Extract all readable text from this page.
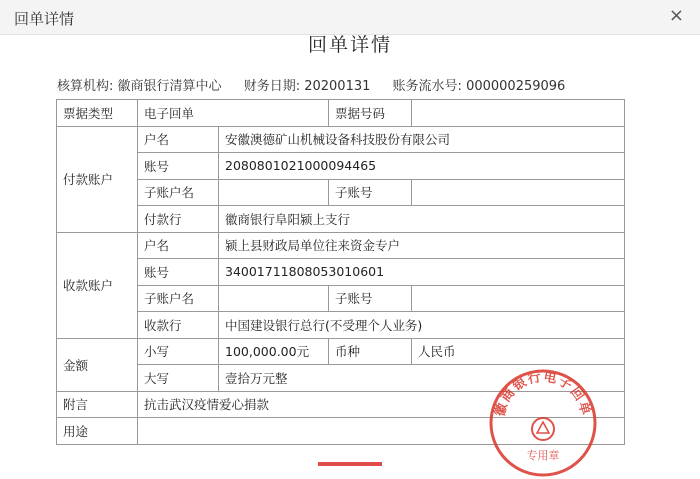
回单详情	×
回单详情
核算机构: 徽商银行清算中心 财务日期: 20200131 账务流水号: 000000259096
票据类型	电子回单		票据号码	
付款账户	户名	安徽澳德矿山机械设备科技股份有限公司		
	账号	2080801021000094465		
	子账户名		子账号	
	付款行	徽商银行阜阳颍上支行		
收款账户	户名	颍上县财政局单位往来资金专户		
	账号	34001711808053010601		
	子账户名		子账号	
	收款行	中国建设银行总行(不受理个人业务)		
金额	小写	100,000.00元	币种	人民币
	大写	壹拾万元整		
附言	抗击武汉疫情爱心捐款			
用途				
徽商银行电子回单
专用章
